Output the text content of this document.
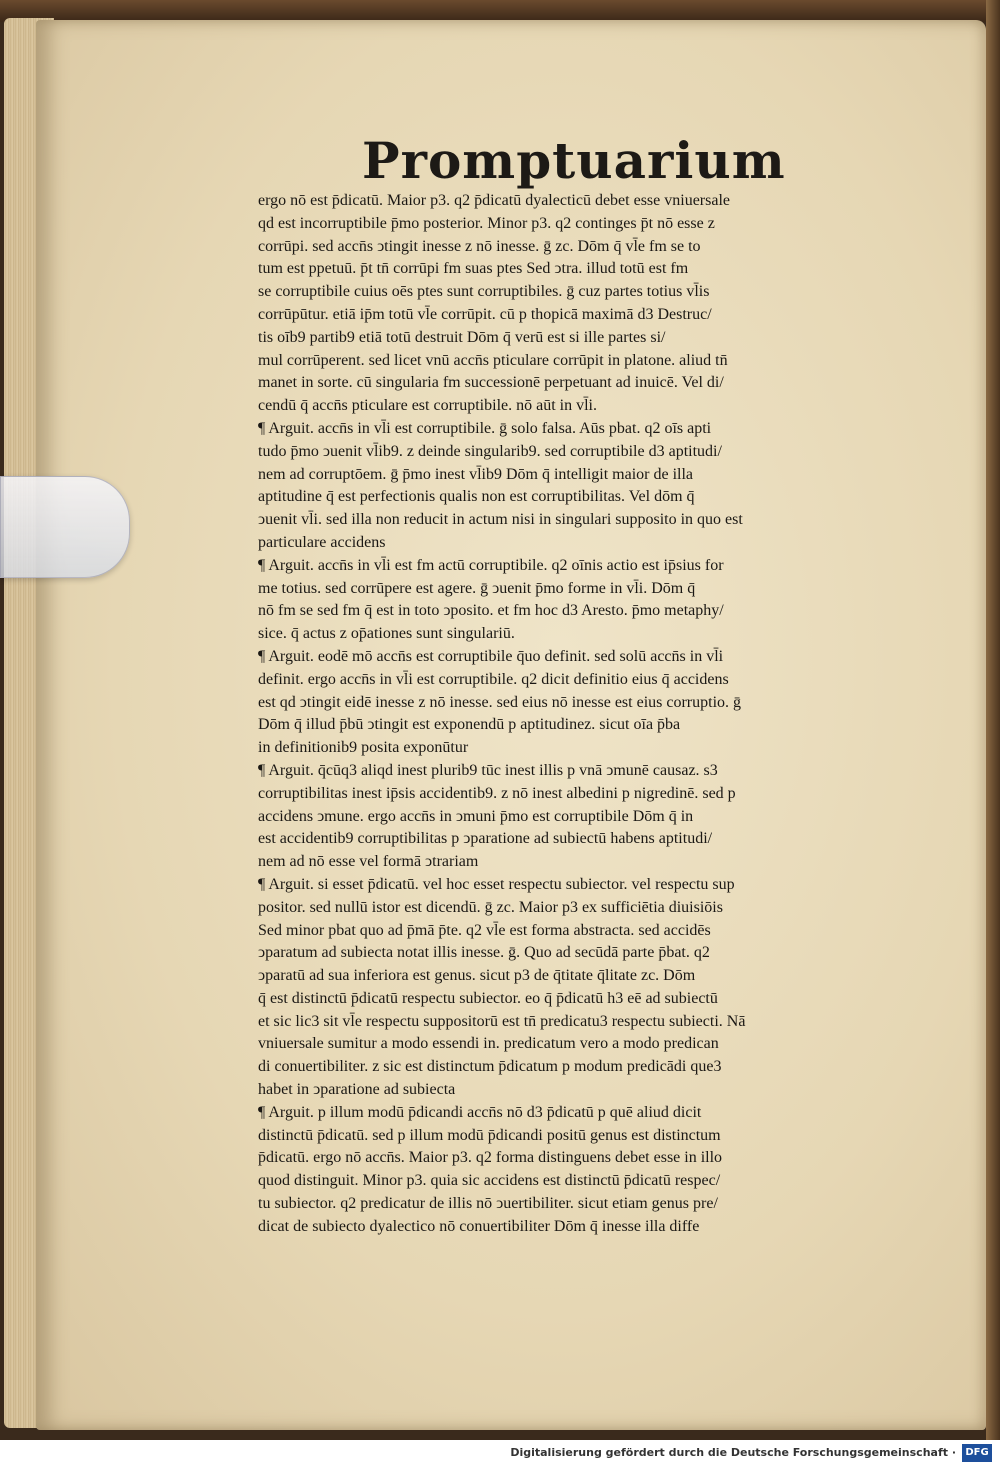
Promptuarium
ergo nō est p̄dicatū. Maior p3. q2 p̄dicatū dyalecticū debet esse vniuersale
qd est incorruptibile p̄mo posterior. Minor p3. q2 continges p̄t nō esse z
corrūpi. sed accn̄s ↄtingit inesse z nō inesse. ḡ zc. Dōm q̄ vl̄e fm se to
tum est ppetuū. p̄t tn̄ corrūpi fm suas ptes Sed ↄtra. illud totū est fm
se corruptibile cuius oēs ptes sunt corruptibiles. ḡ cuz partes totius vl̄is
corrūpūtur. etiā ip̄m totū vl̄e corrūpit. cū p thopicā maximā d3 Destruc/
tis oīb9 partib9 etiā totū destruit Dōm q̄ verū est si ille partes si/
mul corrūperent. sed licet vnū accn̄s pticulare corrūpit in platone. aliud tn̄
manet in sorte. cū singularia fm successionē perpetuant ad inuicē. Vel di/
cendū q̄ accn̄s pticulare est corruptibile. nō aūt in vl̄i.
¶ Arguit. accn̄s in vl̄i est corruptibile. ḡ solo falsa. Aūs pbat. q2 oīs apti
tudo p̄mo ↄuenit vl̄ib9. z deinde singularib9. sed corruptibile d3 aptitudi/
nem ad corruptōem. ḡ p̄mo inest vl̄ib9 Dōm q̄ intelligit maior de illa
aptitudine q̄ est perfectionis qualis non est corruptibilitas. Vel dōm q̄
ↄuenit vl̄i. sed illa non reducit in actum nisi in singulari supposito in quo est
particulare accidens
¶ Arguit. accn̄s in vl̄i est fm actū corruptibile. q2 oīnis actio est ip̄sius for
me totius. sed corrūpere est agere. ḡ ↄuenit p̄mo forme in vl̄i. Dōm q̄
nō fm se sed fm q̄ est in toto ↄposito. et fm hoc d3 Aresto. p̄mo metaphy/
sice. q̄ actus z op̄ationes sunt singulariū.
¶ Arguit. eodē mō accn̄s est corruptibile q̄uo definit. sed solū accn̄s in vl̄i
definit. ergo accn̄s in vl̄i est corruptibile. q2 dicit definitio eius q̄ accidens
est qd ↄtingit eidē inesse z nō inesse. sed eius nō inesse est eius corruptio. ḡ
Dōm q̄ illud p̄bū ↄtingit est exponendū p aptitudinez. sicut oīa p̄ba
in definitionib9 posita exponūtur
¶ Arguit. q̄cūq3 aliqd inest plurib9 tūc inest illis p vnā ↄmunē causaz. s3
corruptibilitas inest ip̄sis accidentib9. z nō inest albedini p nigredinē. sed p
accidens ↄmune. ergo accn̄s in ↄmuni p̄mo est corruptibile Dōm q̄ in
est accidentib9 corruptibilitas p ↄparatione ad subiectū habens aptitudi/
nem ad nō esse vel formā ↄtrariam
¶ Arguit. si esset p̄dicatū. vel hoc esset respectu subiector. vel respectu sup
positor. sed nullū istor est dicendū. ḡ zc. Maior p3 ex sufficiētia diuisiōis
Sed minor pbat quo ad p̄mā p̄te. q2 vl̄e est forma abstracta. sed accidēs
ↄparatum ad subiecta notat illis inesse. ḡ. Quo ad secūdā parte p̄bat. q2
ↄparatū ad sua inferiora est genus. sicut p3 de q̄titate q̄litate zc. Dōm
q̄ est distinctū p̄dicatū respectu subiector. eo q̄ p̄dicatū h3 eē ad subiectū
et sic lic3 sit vl̄e respectu suppositorū est tn̄ predicatu3 respectu subiecti. Nā
vniuersale sumitur a modo essendi in. predicatum vero a modo predican
di conuertibiliter. z sic est distinctum p̄dicatum p modum predicādi que3
habet in ↄparatione ad subiecta
¶ Arguit. p illum modū p̄dicandi accn̄s nō d3 p̄dicatū p quē aliud dicit
distinctū p̄dicatū. sed p illum modū p̄dicandi positū genus est distinctum
p̄dicatū. ergo nō accn̄s. Maior p3. q2 forma distinguens debet esse in illo
quod distinguit. Minor p3. quia sic accidens est distinctū p̄dicatū respec/
tu subiector. q2 predicatur de illis nō ↄuertibiliter. sicut etiam genus pre/
dicat de subiecto dyalectico nō conuertibiliter Dōm q̄ inesse illa diffe
Digitalisierung gefördert durch die Deutsche Forschungsgemeinschaft · DFG
